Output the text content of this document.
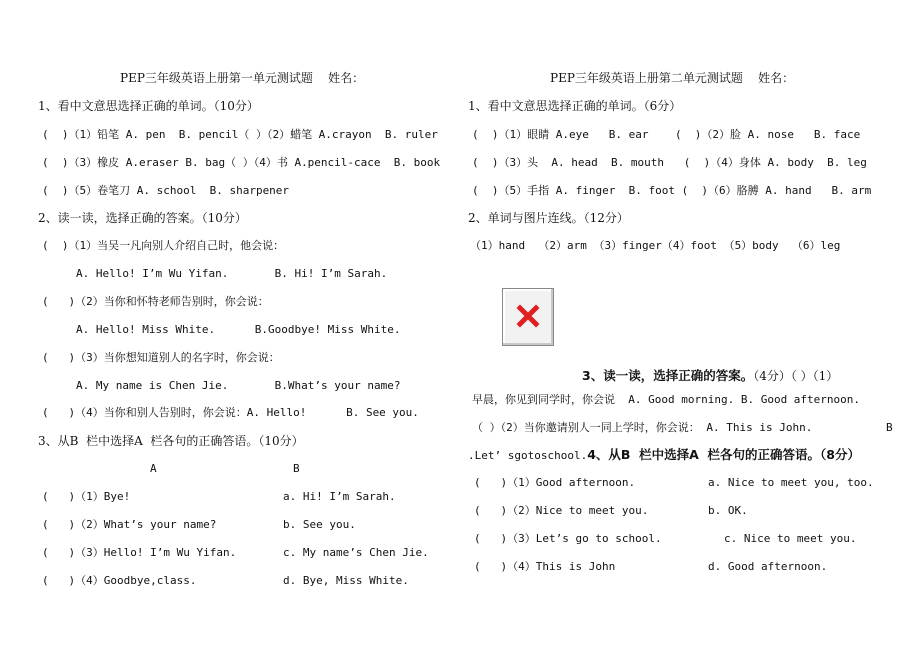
PEP三年级英语上册第一单元测试题    姓名：
1、看中文意思选择正确的单词。（10分）
(  )（1）铅笔 A. pen  B. pencil（ ）（2）蜡笔 A.crayon  B. ruler
(  )（3）橡皮 A.eraser B. bag（ ）（4）书 A.pencil-cace  B. book
(  )（5）卷笔刀 A. school  B. sharpener
2、读一读，选择正确的答案。（10分）
(  )（1）当吴一凡向别人介绍自己时，他会说：
A. Hello! I’m Wu Yifan.       B. Hi! I’m Sarah.
(   )（2）当你和怀特老师告别时，你会说：
A. Hello! Miss White.      B.Goodbye! Miss White.
(   )（3）当你想知道别人的名字时，你会说：
A. My name is Chen Jie.       B.What’s your name?
(   )（4）当你和别人告别时，你会说：A. Hello!      B. See you.
3、从B  栏中选择A  栏各句的正确答语。（10分）
A	B
(   )（1）Bye!	a. Hi! I’m Sarah.
(   )（2）What’s your name?	b. See you.
(   )（3）Hello! I’m Wu Yifan.	c. My name’s Chen Jie.
(   )（4）Goodbye,class.	d. Bye, Miss White.
PEP三年级英语上册第二单元测试题    姓名：
1、看中文意思选择正确的单词。（6分）
(  )（1）眼睛 A.eye   B. ear    (  )（2）脸 A. nose   B. face
(  )（3）头  A. head  B. mouth   (  )（4）身体 A. body  B. leg
(  )（5）手指 A. finger  B. foot (  )（6）胳膊 A. hand   B. arm
2、单词与图片连线。（12分）
（1）hand  （2）arm （3）finger（4）foot （5）body  （6）leg
3、读一读，选择正确的答案。（4分）（ ）（1）
早晨，你见到同学时，你会说  A. Good morning. B. Good afternoon.
（ ）（2）当你邀请别人一同上学时，你会说： A. This is John.	B
.Let’ sgotoschool.4、从B  栏中选择A  栏各句的正确答语。（8分）
(   )（1）Good afternoon.	a. Nice to meet you, too.
(   )（2）Nice to meet you.	b. OK.
(   )（3）Let’s go to school.	c. Nice to meet you.
(   )（4）This is John	d. Good afternoon.
